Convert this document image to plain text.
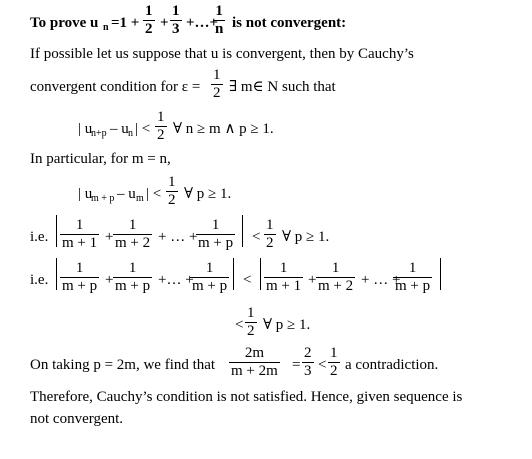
To prove u $n =1 + \frac{1}{2} + \frac{1}{3}$ +…+
$\frac{1}{n}$ is not convergent:
If possible let us suppose that u is convergent, then by Cauchy’s
convergent condition for $\varepsilon = \frac{1}{2}$ ∃ m∈ N such that
| u
n+p – u n | < $\frac{1}{2}$ ∀ n ≥ m ∧ p ≥ 1.
In particular, for m = n,
| u
m + p – u m | < $\frac{1}{2}$ ∀ p ≥ 1.
i.e. $\frac{1}{m + 1} + \frac{1}{m + 2}$ + … +
$\frac{1}{m + p} < \frac{1}{2}$ ∀ p ≥ 1.
i.e. $\frac{1}{m + p} + \frac{1}{m + p}$ +… +
$\frac{1}{m + p} < \frac{1}{m + 1} + \frac{1}{m + 2}$ + … +
$\frac{1}{m + p}$
< $\frac{1}{2}$ ∀ p ≥ 1.
On taking p = 2m, we find that $\frac{2m}{m + 2m} = \frac{2}{3} < \frac{1}{2}$ a contradiction.
Therefore, Cauchy’s condition is not satisfied. Hence, given sequence is
not convergent.
